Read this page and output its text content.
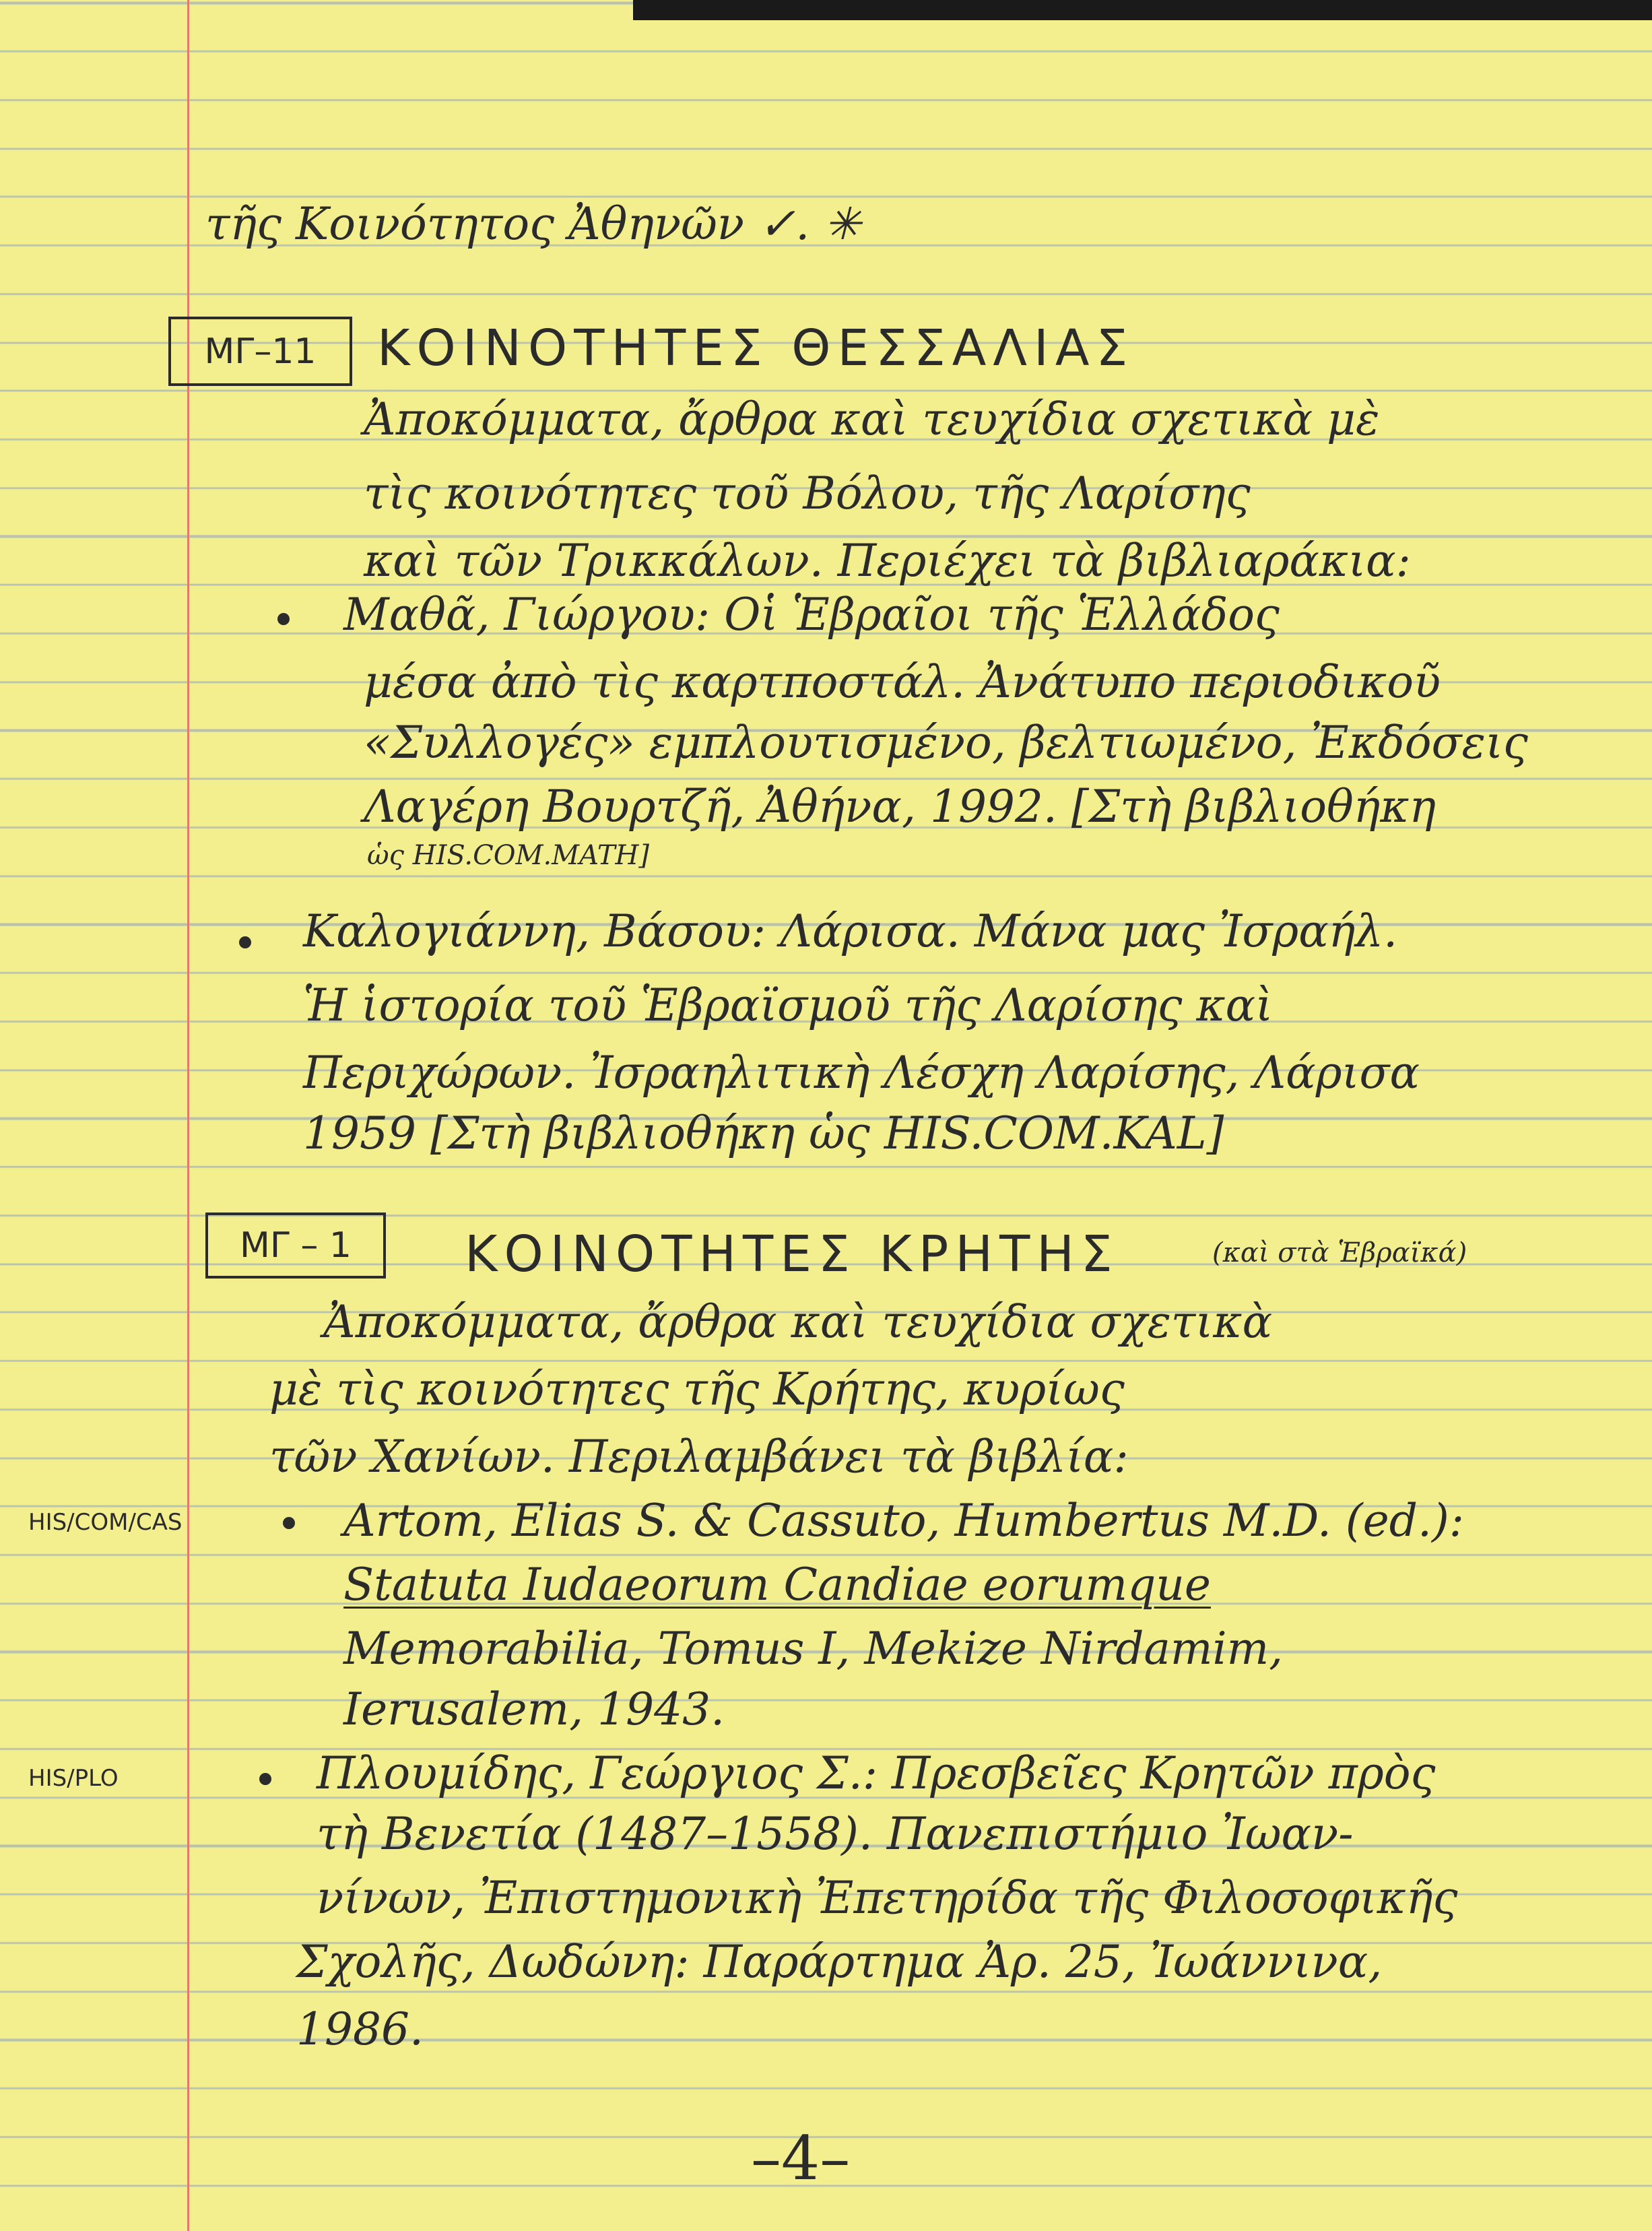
τῆς Κοινότητος Ἀθηνῶν ✓. ✳
ΜΓ–11	ΚΟΙΝΟΤΗΤΕΣ ΘΕΣΣΑΛΙΑΣ
Ἀποκόμματα, ἄρθρα καὶ τευχίδια σχετικὰ μὲ
τὶς κοινότητες τοῦ Βόλου, τῆς Λαρίσης
καὶ τῶν Τρικκάλων. Περιέχει τὰ βιβλιαράκια:
Μαθᾶ, Γιώργου: Οἱ Ἑβραῖοι τῆς Ἑλλάδος
μέσα ἀπὸ τὶς καρτποστάλ. Ἀνάτυπο περιοδικοῦ
«Συλλογές» εμπλουτισμένο, βελτιωμένο, Ἐκδόσεις
Λαγέρη Βουρτζῆ, Ἀθήνα, 1992. [Στὴ βιβλιοθήκη
ὡς HIS.COM.MATH]
Καλογιάννη, Βάσου: Λάρισα. Μάνα μας Ἰσραήλ.
Ἡ ἱστορία τοῦ Ἑβραϊσμοῦ τῆς Λαρίσης καὶ
Περιχώρων. Ἰσραηλιτικὴ Λέσχη Λαρίσης, Λάρισα
1959 [Στὴ βιβλιοθήκη ὡς HIS.COM.KAL]
ΜΓ – 1	ΚΟΙΝΟΤΗΤΕΣ ΚΡΗΤΗΣ	(καὶ στὰ Ἑβραϊκά)
Ἀποκόμματα, ἄρθρα καὶ τευχίδια σχετικὰ
μὲ τὶς κοινότητες τῆς Κρήτης, κυρίως
τῶν Χανίων. Περιλαμβάνει τὰ βιβλία:
HIS/COM/CAS	Artom, Elias S. & Cassuto, Humbertus M.D. (ed.):
Statuta Iudaeorum Candiae eorumque
Memorabilia, Tomus I, Mekize Nirdamim,
Ierusalem, 1943.
HIS/PLO	Πλουμίδης, Γεώργιος Σ.: Πρεσβεῖες Κρητῶν πρὸς
τὴ Βενετία (1487–1558). Πανεπιστήμιο Ἰωαν-
νίνων, Ἐπιστημονικὴ Ἐπετηρίδα τῆς Φιλοσοφικῆς
Σχολῆς, Δωδώνη: Παράρτημα Ἀρ. 25, Ἰωάννινα,
1986.
–4–
